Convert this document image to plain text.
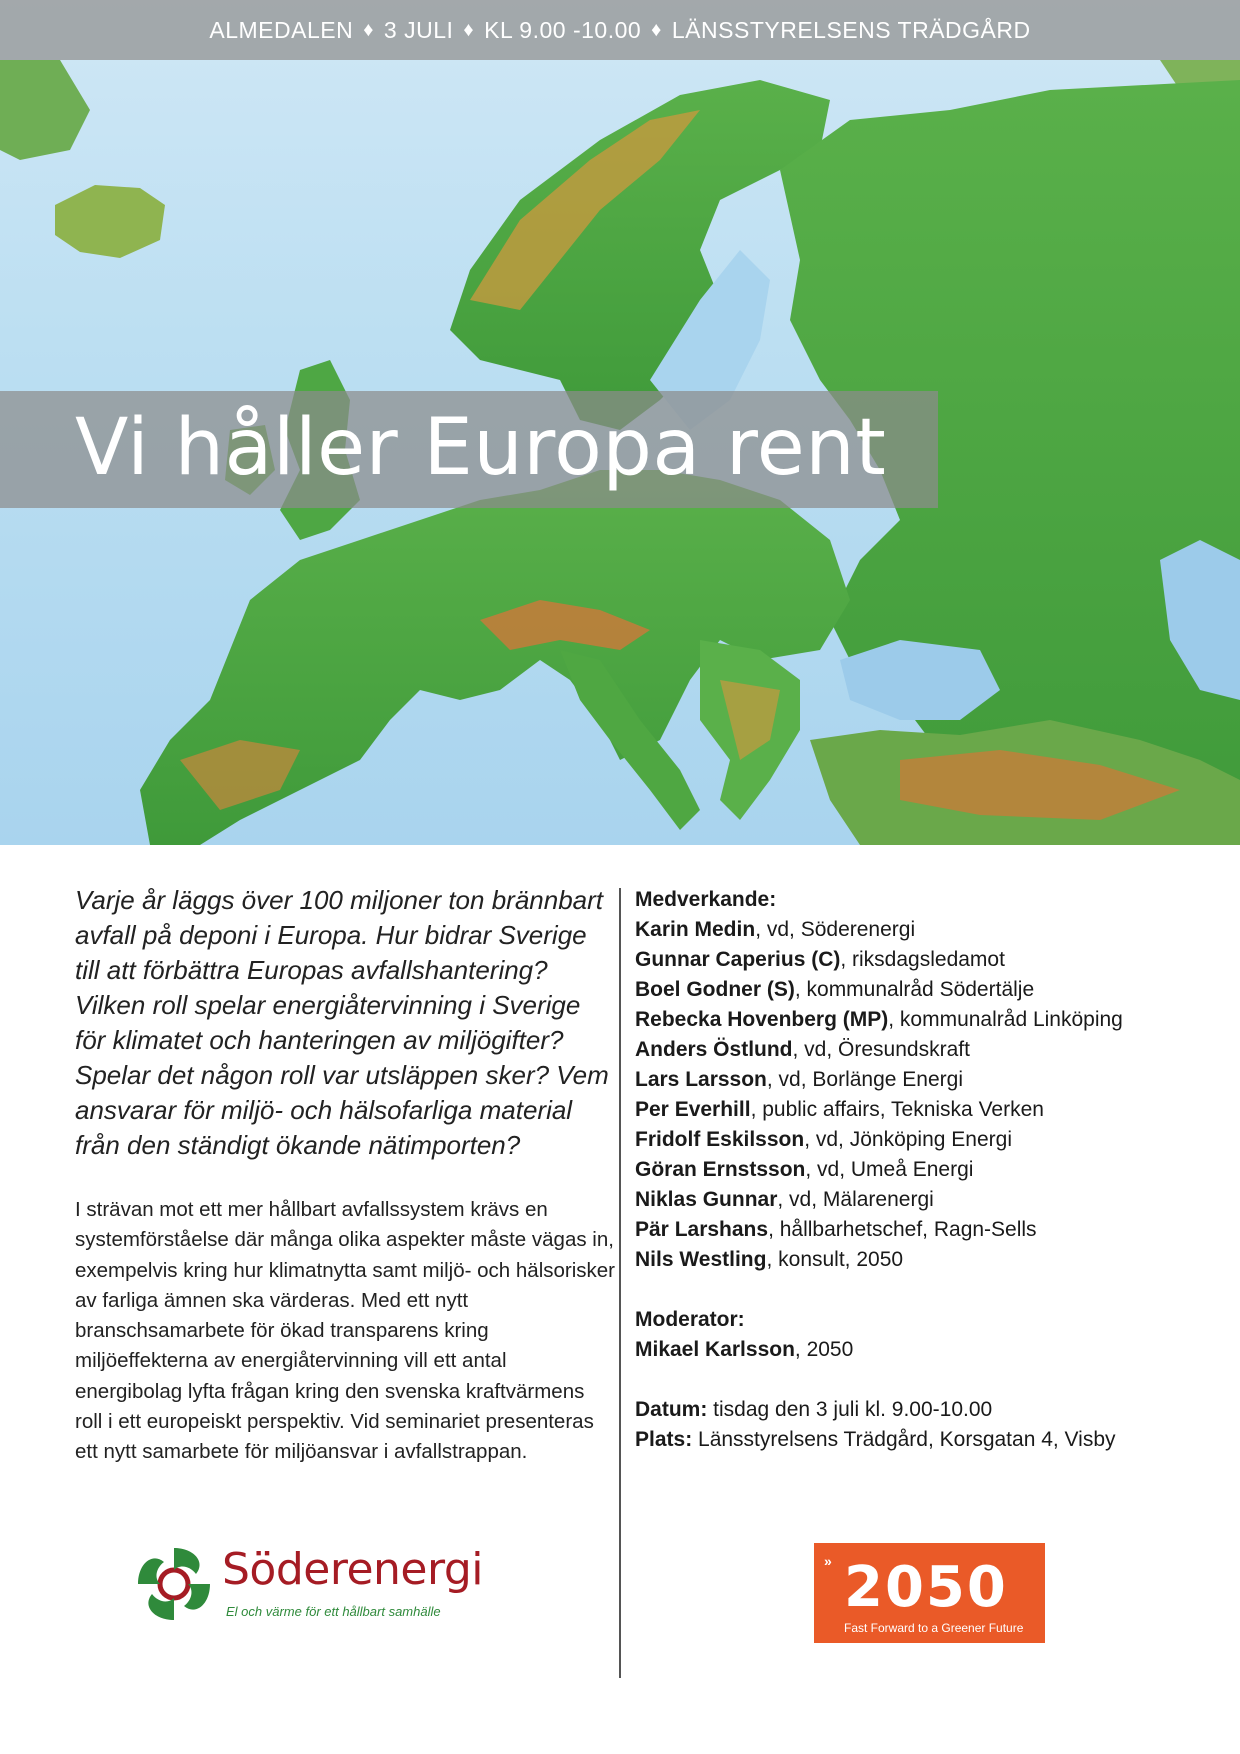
ALMEDALEN ♦ 3 JULI ♦ KL 9.00 -10.00 ♦ LÄNSSTYRELSENS TRÄDGÅRD
Vi håller Europa rent

Varje år läggs över 100 miljoner ton brännbart avfall på deponi i Europa. Hur bidrar Sverige till att förbättra Europas avfallshantering? Vilken roll spelar energiåtervinning i Sverige för klimatet och hanteringen av miljögifter? Spelar det någon roll var utsläppen sker? Vem ansvarar för miljö- och hälsofarliga material från den ständigt ökande nätimporten?

I strävan mot ett mer hållbart avfallssystem krävs en systemförståelse där många olika aspekter måste vägas in, exempelvis kring hur klimatnytta samt miljö- och hälsorisker av farliga ämnen ska värderas. Med ett nytt branschsamarbete för ökad transparens kring miljöeffekterna av energiåtervinning vill ett antal energibolag lyfta frågan kring den svenska kraftvärmens roll i ett europeiskt perspektiv. Vid seminariet presenteras ett nytt samarbete för miljöansvar i avfallstrappan.

Medverkande:
Karin Medin, vd, Söderenergi
Gunnar Caperius (C), riksdagsledamot
Boel Godner (S), kommunalråd Södertälje
Rebecka Hovenberg (MP), kommunalråd Linköping
Anders Östlund, vd, Öresundskraft
Lars Larsson, vd, Borlänge Energi
Per Everhill, public affairs, Tekniska Verken
Fridolf Eskilsson, vd, Jönköping Energi
Göran Ernstsson, vd, Umeå Energi
Niklas Gunnar, vd, Mälarenergi
Pär Larshans, hållbarhetschef, Ragn-Sells
Nils Westling, konsult, 2050
Moderator:
Mikael Karlsson, 2050
Datum: tisdag den 3 juli kl. 9.00-10.00
Plats: Länsstyrelsens Trädgård, Korsgatan 4, Visby
Söderenergi
El och värme för ett hållbart samhälle
» 2050
Fast Forward to a Greener Future
